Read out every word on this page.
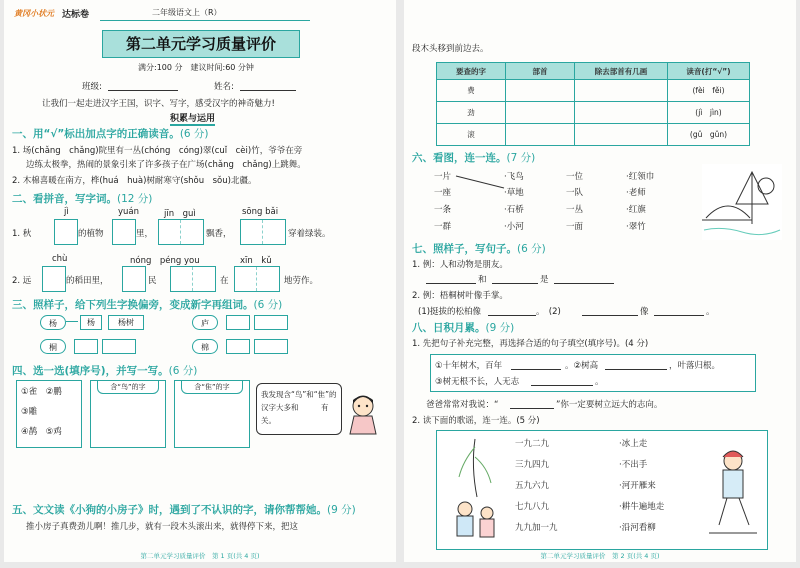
黄冈小状元 达标卷	二年级语文上（R）
第二单元学习质量评价
满分:100 分　建议时间:60 分钟
班级:	姓名:
让我们一起走进汉字王国，识字、写字，感受汉字的神奇魅力!
积累与运用
一、用“√”标出加点字的正确读音。(6 分)
1. 场(chǎng　chǎng)院里有一丛(chóng　cóng)翠(cuǐ　cèi)竹，爷爷在旁
边练太极拳，热闹的景象引来了许多孩子在广场(chǎng　chǎng)上跳舞。
2. 木棉喜暖在南方，桦(huá　huà)树耐寒守(shǒu　sǒu)北疆。
二、看拼音，写字词。(12 分)
jì	yuán	jīn　guì	sōng bǎi
1. 秋	的植物	里，	飘香，	穿着绿装。
chù	nóng　péng you	xīn　kǔ
2. 远	的稻田里，	民	在	地劳作。
三、照样子，给下列生字换偏旁，变成新字再组词。(6 分)
杨	杨	杨树	庐
桐	棉
四、选一选(填序号)，并写一写。(6 分)
①雀　②鹏
③雕
④鹊　⑤鸡
含“鸟”的字	含“隹”的字
我发现含“鸟”和“隹”的汉字大多和　　　有关。
五、文文读《小狗的小房子》时，遇到了不认识的字，请你帮帮她。(9 分)
推小房子真费劲儿啊！推几步，就有一段木头滚出来，就得停下来，把这
第二单元学习质量评价　第 1 页(共 4 页)
段木头移到前边去。
要查的字	部首	除去部首有几画	读音(打“√”)
费			(fèi　fěi)
劲			(jì　jìn)
滚			(gǔ　gǔn)
六、看图，连一连。(7 分)
一片
一座
一条
一群
·飞鸟
·草地
·石桥
·小河
一位
一队
一丛
一面
·红领巾
·老师
·红旗
·翠竹
七、照样子，写句子。(6 分)
1. 例：人和动物是朋友。
和	是
2. 例：梧桐树叶像手掌。
(1)挺拔的松柏像	。　(2)	像	。
八、日积月累。(9 分)
1. 先把句子补充完整，再选择合适的句子填空(填序号)。(4 分)
①十年树木，百年	。②树高	，叶落归根。
③树无根不长，人无志	。
爸爸常常对我说：“	”你一定要树立远大的志向。
2. 读下面的歌谣，连一连。(5 分)
一九二九
三九四九
五九六九
七九八九
九九加一九
·冰上走
·不出手
·河开雁来
·耕牛遍地走
·沿河看柳
第二单元学习质量评价　第 2 页(共 4 页)
